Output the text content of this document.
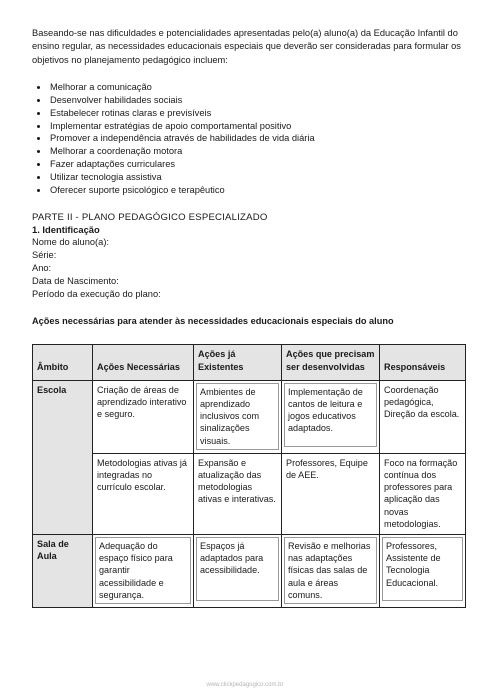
Baseando-se nas dificuldades e potencialidades apresentadas pelo(a) aluno(a) da Educação Infantil do ensino regular, as necessidades educacionais especiais que deverão ser consideradas para formular os objetivos no planejamento pedagógico incluem:

• Melhorar a comunicação
• Desenvolver habilidades sociais
• Estabelecer rotinas claras e previsíveis
• Implementar estratégias de apoio comportamental positivo
• Promover a independência através de habilidades de vida diária
• Melhorar a coordenação motora
• Fazer adaptações curriculares
• Utilizar tecnologia assistiva
• Oferecer suporte psicológico e terapêutico
PARTE II - PLANO PEDAGÓGICO ESPECIALIZADO
1. Identificação
Nome do aluno(a):
Série:
Ano:
Data de Nascimento:
Período da execução do plano:
Ações necessárias para atender às necessidades educacionais especiais do aluno
Âmbito	Ações Necessárias	Ações já Existentes	Ações que precisam ser desenvolvidas	Responsáveis
Escola	Criação de áreas de aprendizado interativo e seguro.	Ambientes de aprendizado inclusivos com sinalizações visuais.	Implementação de cantos de leitura e jogos educativos adaptados.	Coordenação pedagógica, Direção da escola.
	Metodologias ativas já integradas no currículo escolar.	Expansão e atualização das metodologias ativas e interativas.	Professores, Equipe de AEE.	Foco na formação contínua dos professores para aplicação das novas metodologias.
Sala de Aula	Adequação do espaço físico para garantir acessibilidade e segurança.	Espaços já adaptados para acessibilidade.	Revisão e melhorias nas adaptações físicas das salas de aula e áreas comuns.	Professores, Assistente de Tecnologia Educacional.
www.clickpedagogico.com.br
